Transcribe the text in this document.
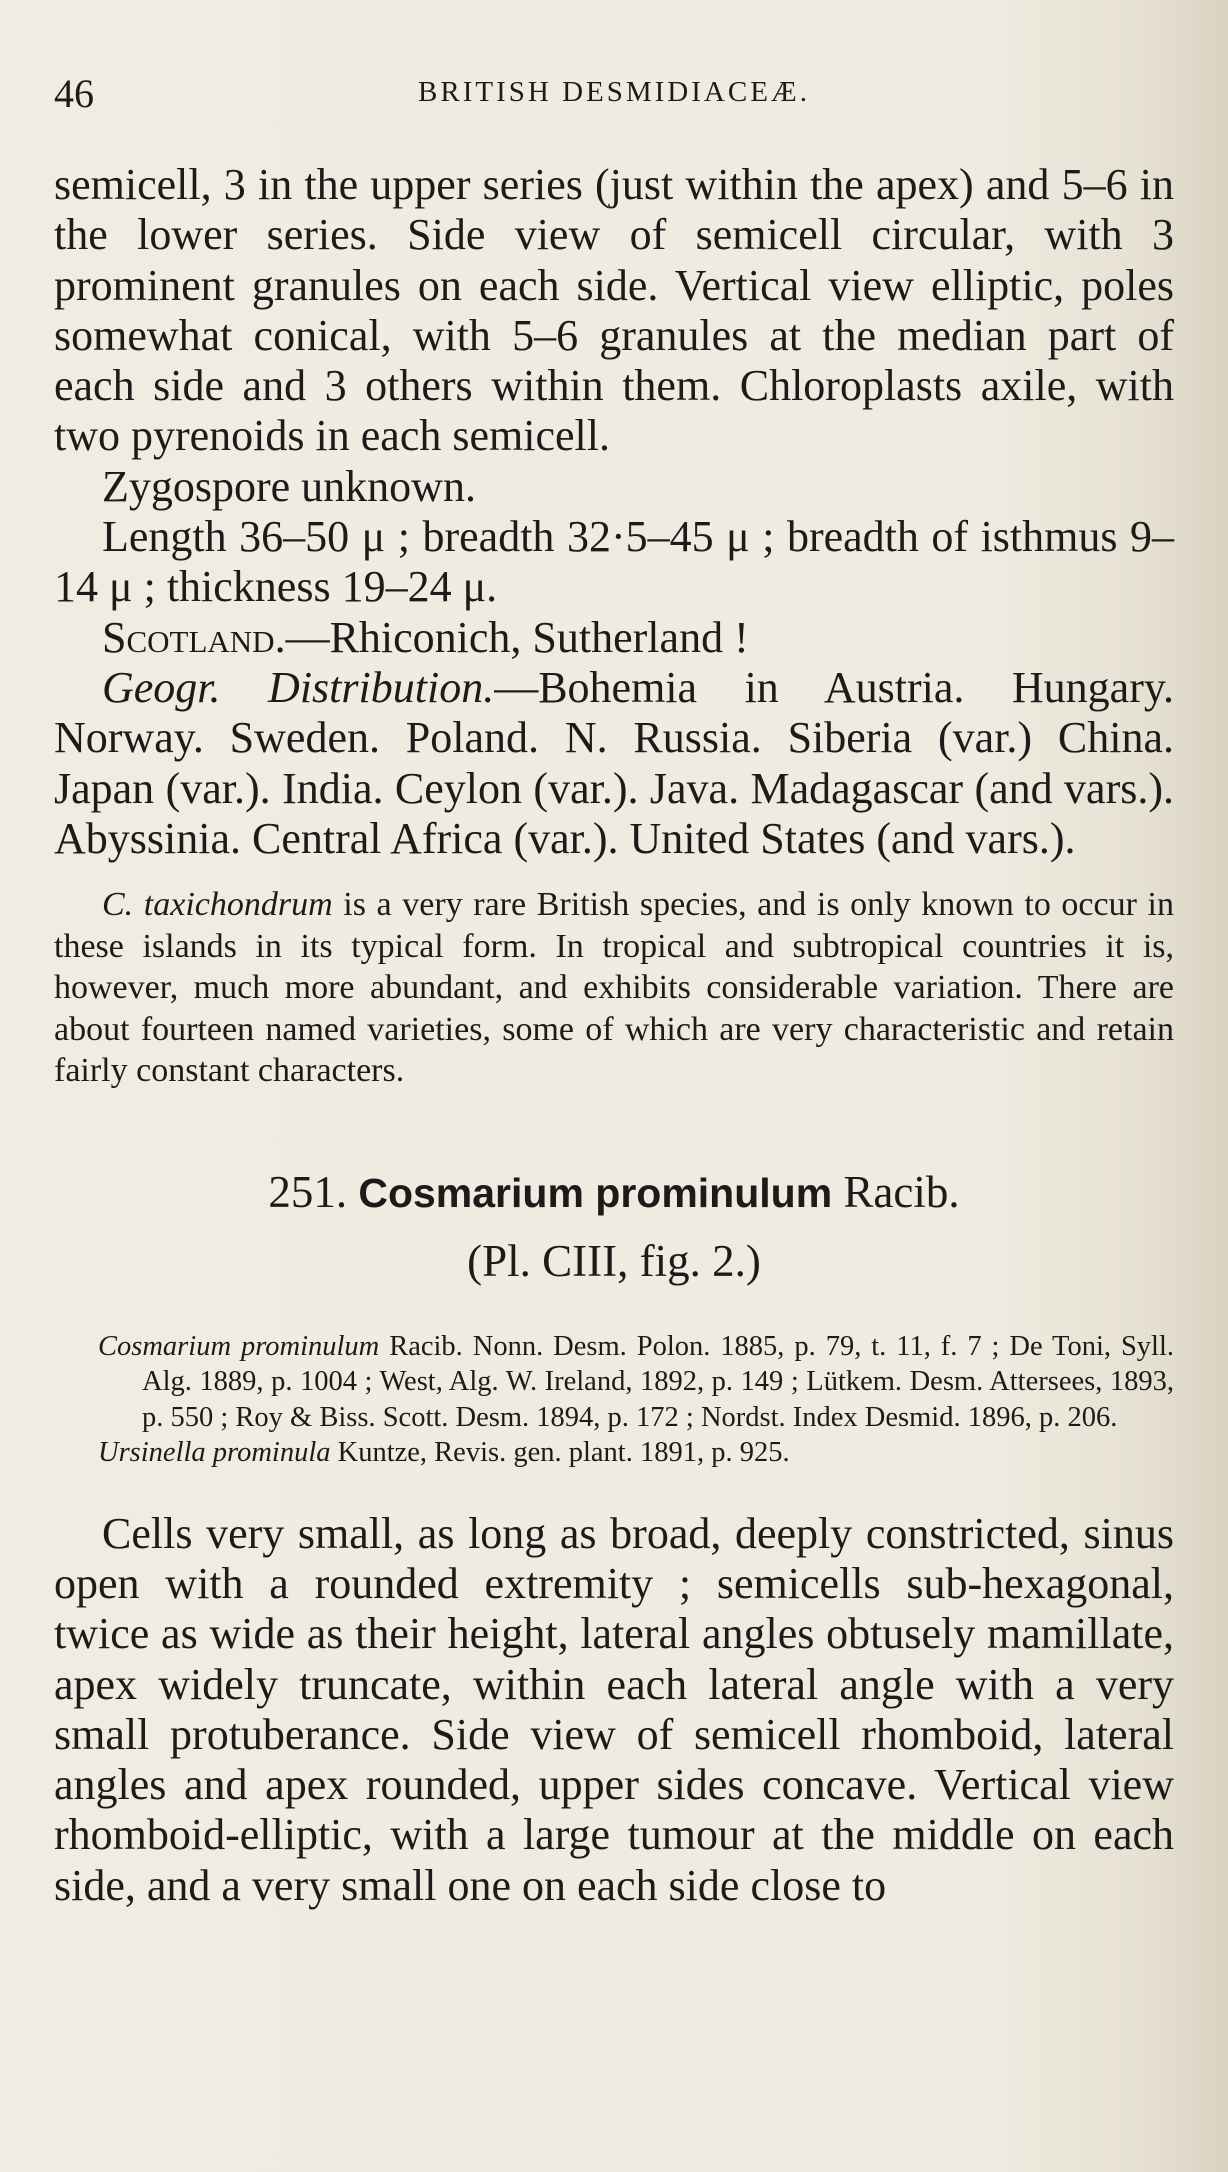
46	BRITISH DESMIDIACEÆ.

semicell, 3 in the upper series (just within the apex) and 5–6 in the lower series. Side view of semicell circular, with 3 prominent granules on each side. Vertical view elliptic, poles somewhat conical, with 5–6 granules at the median part of each side and 3 others within them. Chloroplasts axile, with two pyrenoids in each semicell.

Zygospore unknown.

Length 36–50 μ ; breadth 32·5–45 μ ; breadth of isthmus 9–14 μ ; thickness 19–24 μ.

Scotland.—Rhiconich, Sutherland !

Geogr. Distribution.—Bohemia in Austria. Hungary. Norway. Sweden. Poland. N. Russia. Siberia (var.) China. Japan (var.). India. Ceylon (var.). Java. Madagascar (and vars.). Abyssinia. Central Africa (var.). United States (and vars.).

C. taxichondrum is a very rare British species, and is only known to occur in these islands in its typical form. In tropical and subtropical countries it is, however, much more abundant, and exhibits considerable variation. There are about fourteen named varieties, some of which are very characteristic and retain fairly constant characters.

251. Cosmarium prominulum Racib.
(Pl. CIII, fig. 2.)

Cosmarium prominulum Racib. Nonn. Desm. Polon. 1885, p. 79, t. 11, f. 7 ; De Toni, Syll. Alg. 1889, p. 1004 ; West, Alg. W. Ireland, 1892, p. 149 ; Lütkem. Desm. Attersees, 1893, p. 550 ; Roy & Biss. Scott. Desm. 1894, p. 172 ; Nordst. Index Desmid. 1896, p. 206.

Ursinella prominula Kuntze, Revis. gen. plant. 1891, p. 925.

Cells very small, as long as broad, deeply constricted, sinus open with a rounded extremity ; semicells sub-hexagonal, twice as wide as their height, lateral angles obtusely mamillate, apex widely truncate, within each lateral angle with a very small protuberance. Side view of semicell rhomboid, lateral angles and apex rounded, upper sides concave. Vertical view rhomboid-elliptic, with a large tumour at the middle on each side, and a very small one on each side close to
